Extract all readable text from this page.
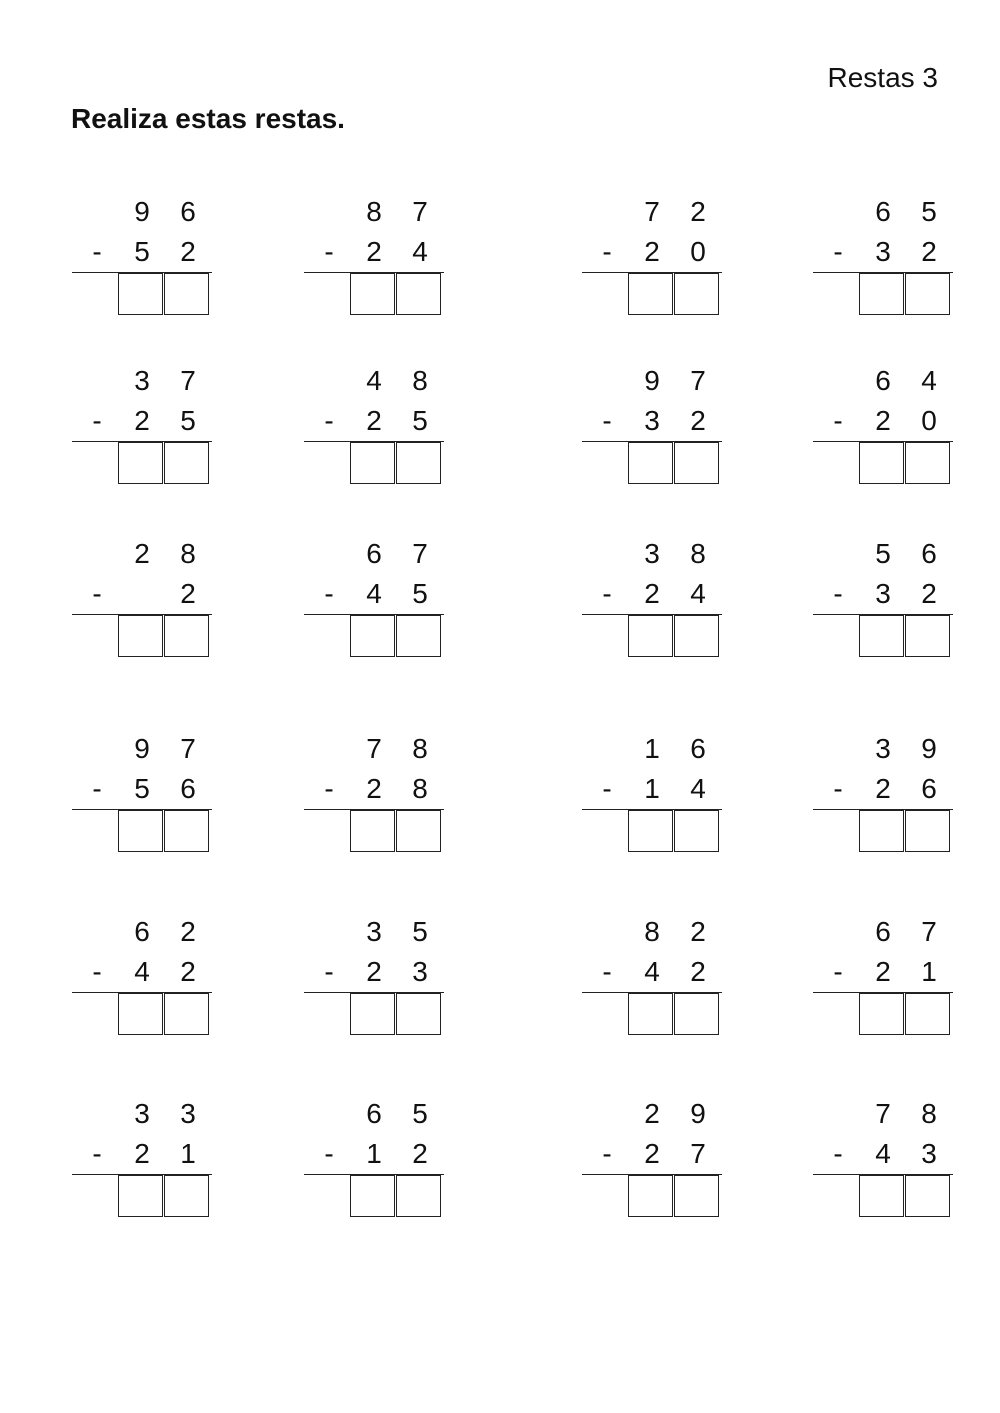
Restas 3
Realiza estas restas.
9 6
-	5 2
8 7
-	2 4
7 2
-	2 0
6 5
-	3 2
3 7
-	2 5
4 8
-	2 5
9 7
-	3 2
6 4
-	2 0
2 8
-	2
6 7
-	4 5
3 8
-	2 4
5 6
-	3 2
9 7
-	5 6
7 8
-	2 8
1 6
-	1 4
3 9
-	2 6
6 2
-	4 2
3 5
-	2 3
8 2
-	4 2
6 7
-	2 1
3 3
-	2 1
6 5
-	1 2
2 9
-	2 7
7 8
-	4 3
